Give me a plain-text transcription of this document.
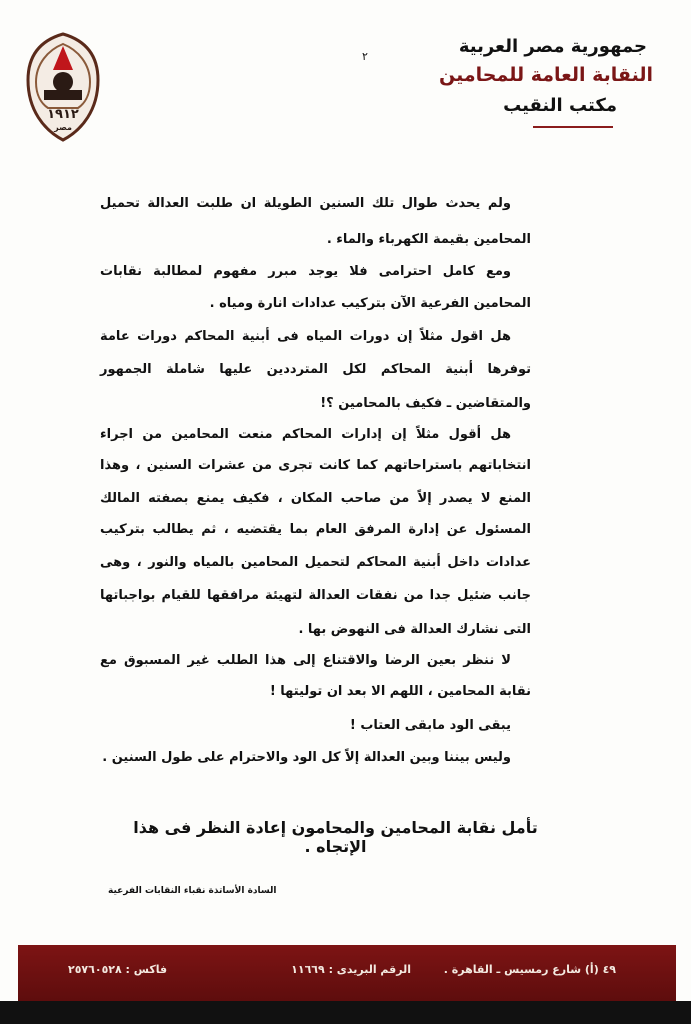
١٩١٢
مصر
٢	جمهورية مصر العربية
النقابة العامة للمحامين
مكتب النقيب
ولم يحدث طوال تلك السنين الطويلة ان طلبت العدالة تحميل
المحامين بقيمة الكهرباء والماء .
ومع كامل احترامى فلا يوجد مبرر مفهوم لمطالبة نقابات
المحامين الفرعية الآن بتركيب عدادات انارة ومياه .
هل اقول مثلاً إن دورات المياه فى أبنية المحاكم دورات عامة
توفرها أبنية المحاكم لكل المترددين عليها شاملة الجمهور
والمتقاضين ـ فكيف بالمحامين ؟!
هل أقول مثلاً إن إدارات المحاكم منعت المحامين من اجراء
انتخاباتهم باستراحاتهم كما كانت تجرى من عشرات السنين ، وهذا
المنع لا يصدر إلاً من صاحب المكان ، فكيف يمنع بصفته المالك
المسئول عن إدارة المرفق العام بما يقتضيه ، ثم يطالب بتركيب
عدادات داخل أبنية المحاكم لتحميل المحامين بالمياه والنور ، وهى
جانب ضئيل جدا من نفقات العدالة لتهيئة مرافقها للقيام بواجباتها
التى نشارك العدالة فى النهوض بها .
لا ننظر بعين الرضا والاقتناع إلى هذا الطلب غير المسبوق مع
نقابة المحامين ، اللهم الا بعد ان توليتها !
يبقى الود مابقى العتاب !
وليس بيننا وبين العدالة إلاً كل الود والاحترام على طول السنين .
تأمل نقابة المحامين والمحامون إعادة النظر فى هذا الإتجاه .
السادة الأساتذة نقباء النقابات الفرعية
٤٩ (أ) شارع رمسيس ـ القاهرة .
الرقم البريدى : ١١٦٦٩
فاكس : ٢٥٧٦٠٥٢٨
